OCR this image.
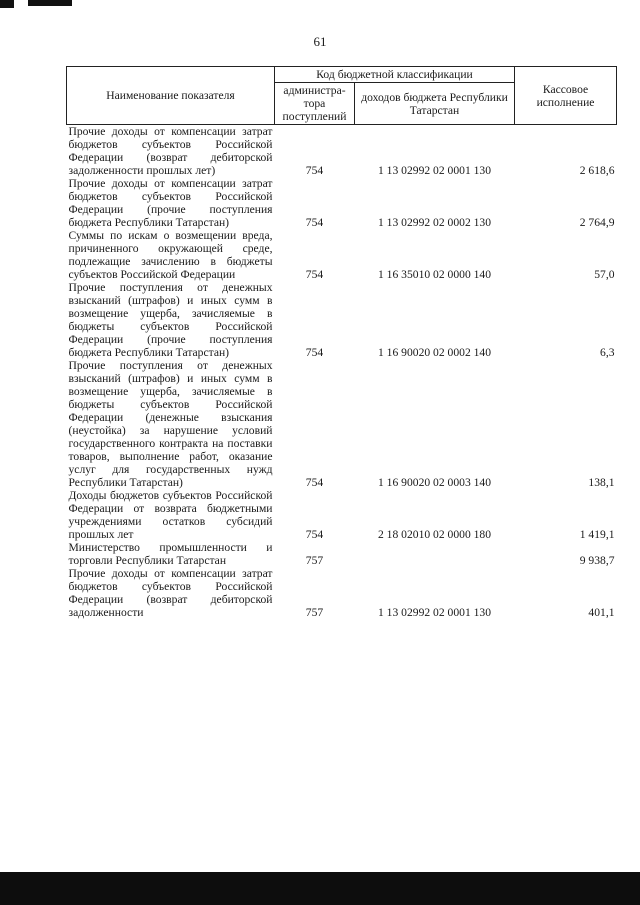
61
Наименование показателя	Код бюджетной классификации		Кассовое исполнение
	администра-тора поступлений	доходов бюджета Республики Татарстан	
Прочие доходы от компенсации затрат бюджетов субъектов Российской Федерации (возврат дебиторской задолженности прошлых лет)	754	1 13 02992 02 0001 130	2 618,6
Прочие доходы от компенсации затрат бюджетов субъектов Российской Федерации (прочие поступления бюджета Республики Татарстан)	754	1 13 02992 02 0002 130	2 764,9
Суммы по искам о возмещении вреда, причиненного окружающей среде, подлежащие зачислению в бюджеты субъектов Российской Федерации	754	1 16 35010 02 0000 140	57,0
Прочие поступления от денежных взысканий (штрафов) и иных сумм в возмещение ущерба, зачисляемые в бюджеты субъектов Российской Федерации (прочие поступления бюджета Республики Татарстан)	754	1 16 90020 02 0002 140	6,3
Прочие поступления от денежных взысканий (штрафов) и иных сумм в возмещение ущерба, зачисляемые в бюджеты субъектов Российской Федерации (денежные взыскания (неустойка) за нарушение условий государственного контракта на поставки товаров, выполнение работ, оказание услуг для государственных нужд Республики Татарстан)	754	1 16 90020 02 0003 140	138,1
Доходы бюджетов субъектов Российской Федерации от возврата бюджетными учреждениями остатков субсидий прошлых лет	754	2 18 02010 02 0000 180	1 419,1
Министерство промышленности и торговли Республики Татарстан	757		9 938,7
Прочие доходы от компенсации затрат бюджетов субъектов Российской Федерации (возврат дебиторской задолженности	757	1 13 02992 02 0001 130	401,1
